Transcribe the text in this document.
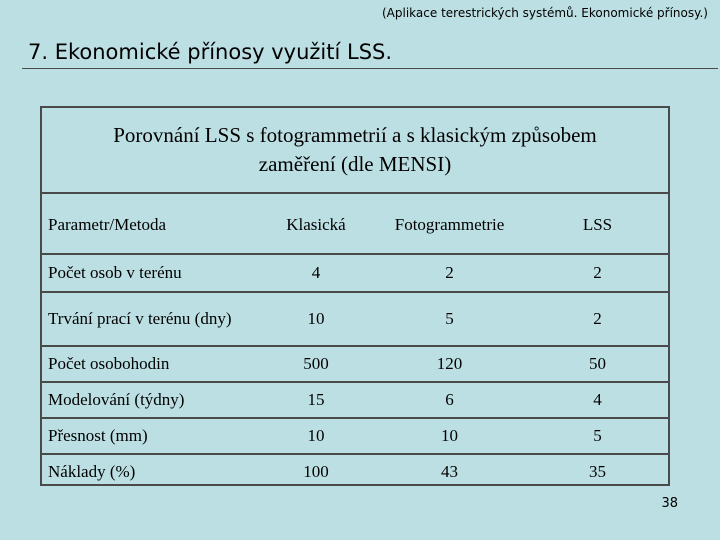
(Aplikace terestrických systémů. Ekonomické přínosy.)
7. Ekonomické přínosy využití LSS.
Porovnání LSS s fotogrammetrií a s klasickým způsobem zaměření (dle MENSI)
Parametr/Metoda	Klasická	Fotogrammetrie	LSS
Počet osob v terénu	4	2	2

Trvání prací v terénu (dny)	10	5	2
Počet osobohodin	500	120	50
Modelování (týdny)	15	6	4
Přesnost (mm)	10	10	5
Náklady (%)	100	43	35
38
